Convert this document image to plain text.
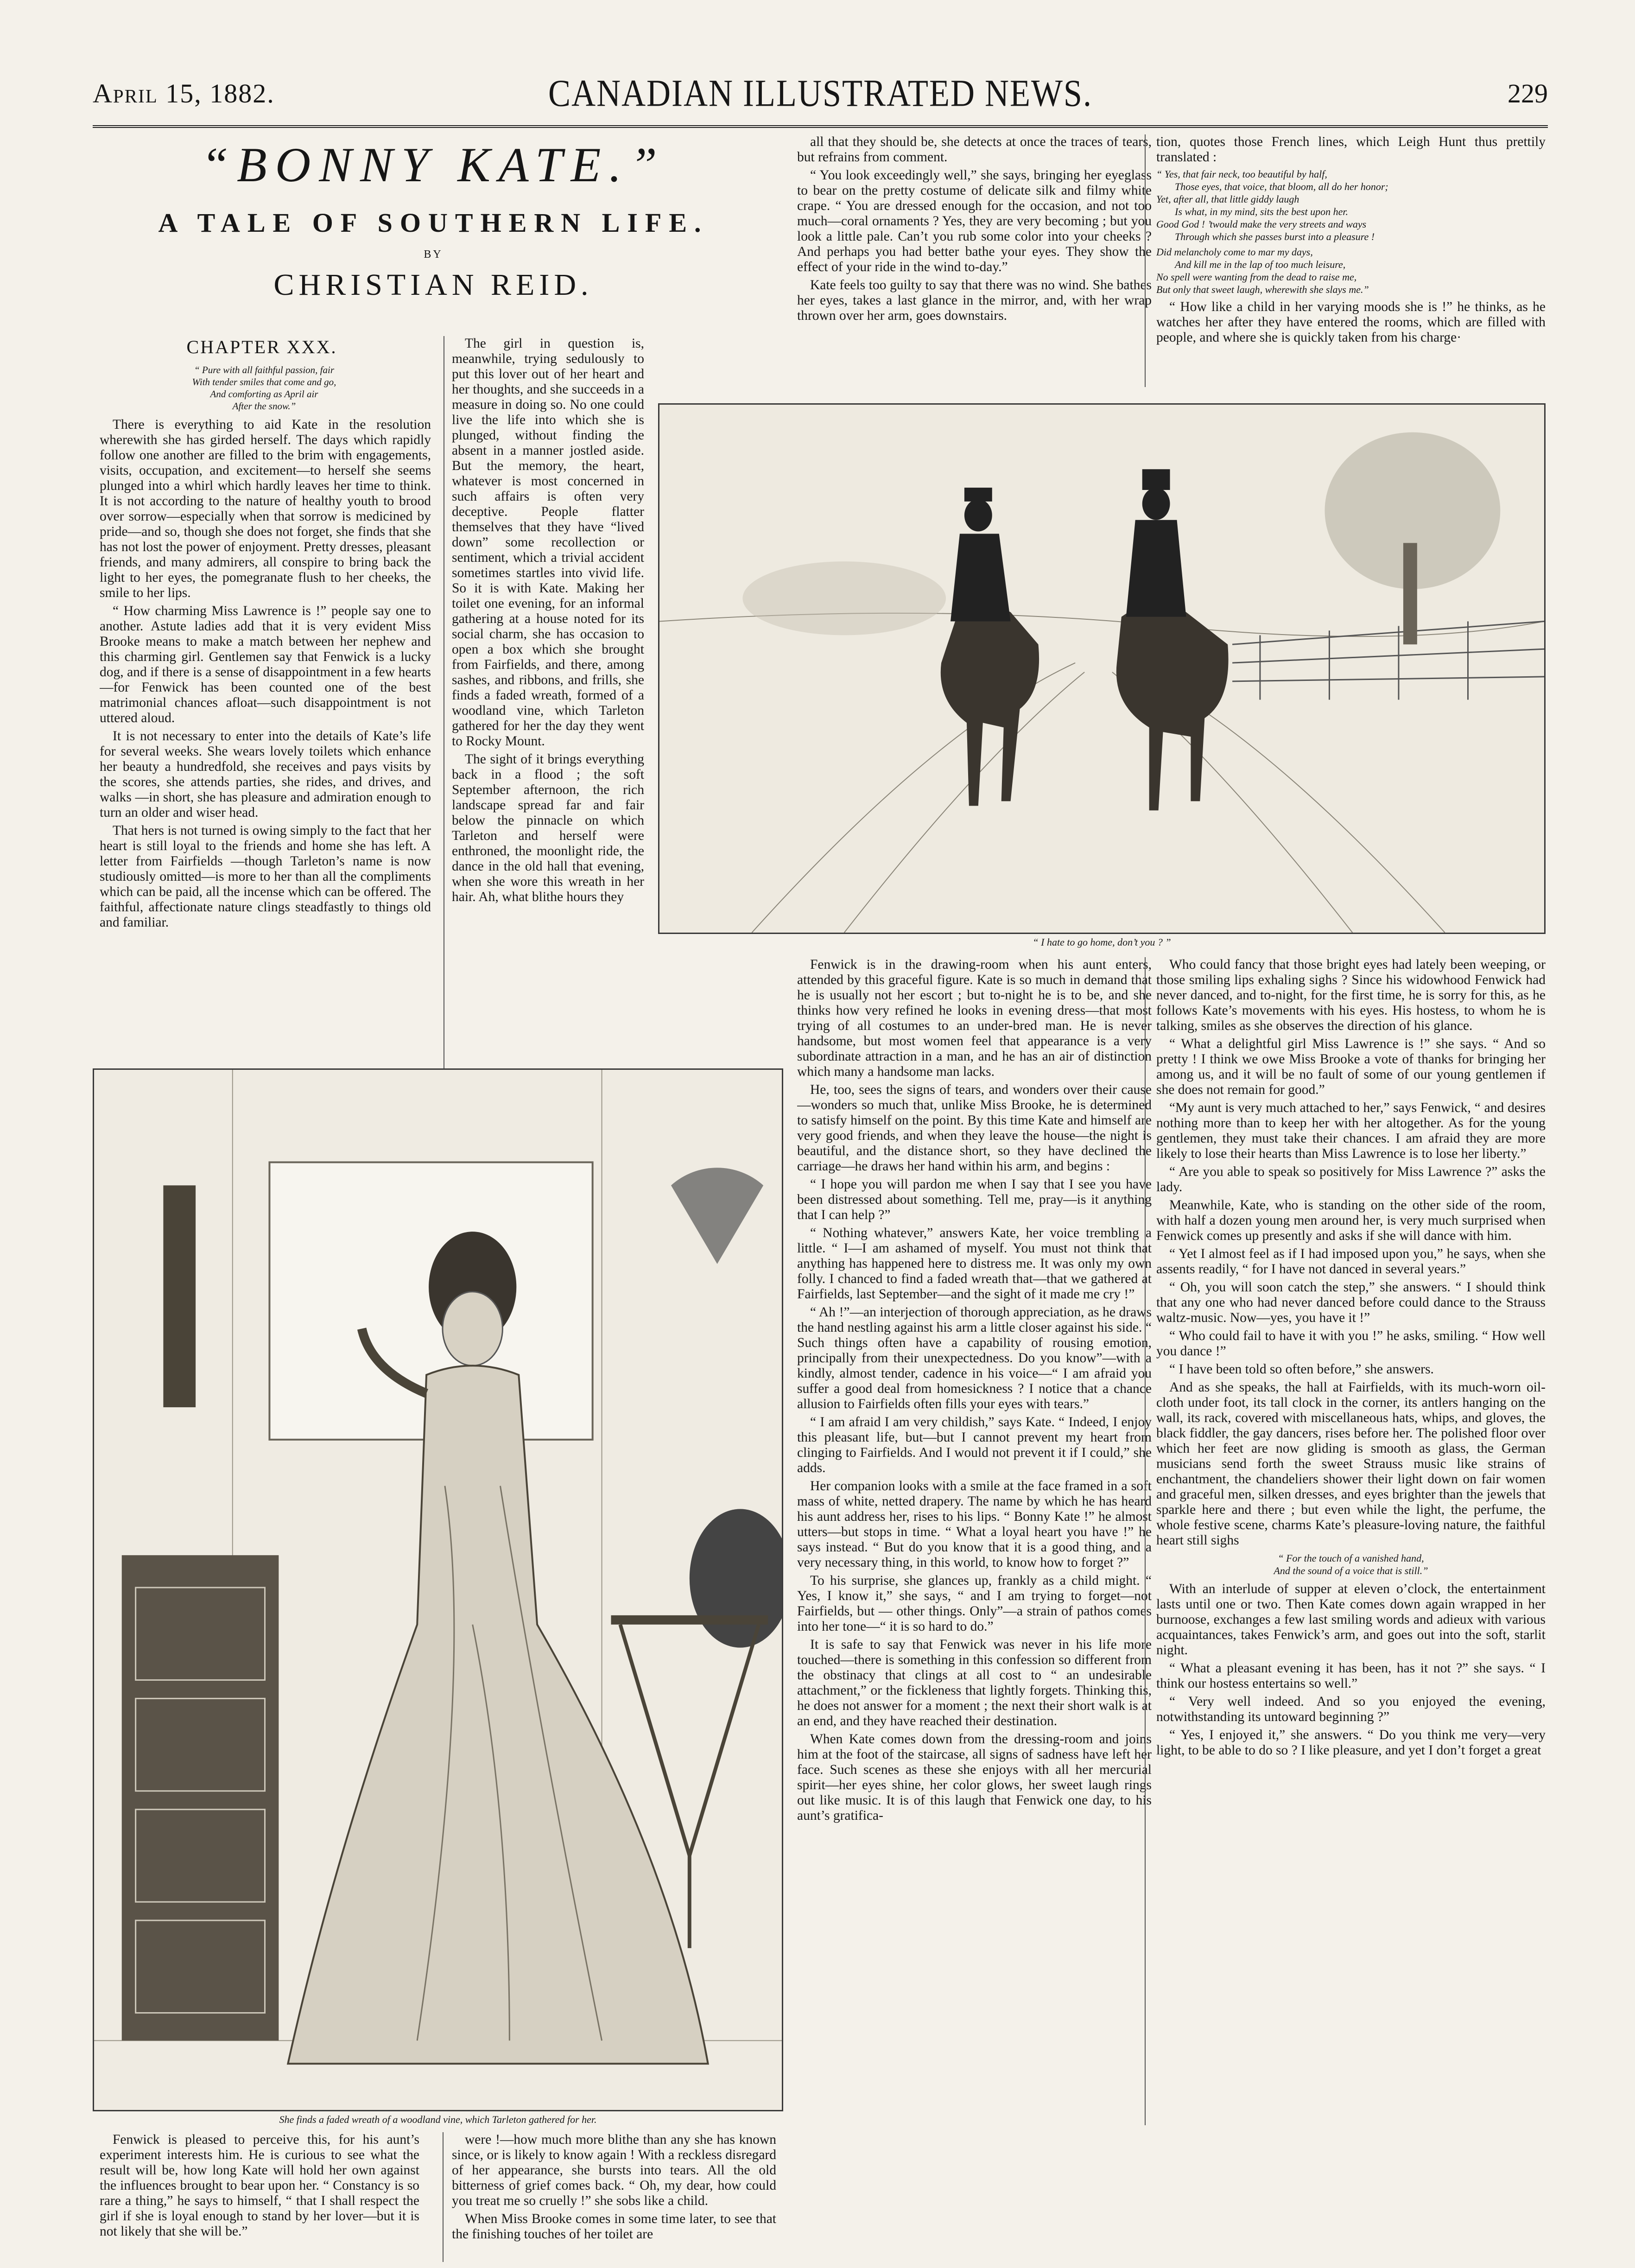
April 15, 1882.	CANADIAN ILLUSTRATED NEWS.	229
“BONNY KATE.”
A TALE OF SOUTHERN LIFE.
BY
CHRISTIAN REID.
CHAPTER XXX.
“ Pure with all faithful passion, fair
With tender smiles that come and go,
And comforting as April air
After the snow.”

There is everything to aid Kate in the resolution wherewith she has girded herself. The days which rapidly follow one another are filled to the brim with engagements, visits, occupation, and excitement—to herself she seems plunged into a whirl which hardly leaves her time to think. It is not according to the nature of healthy youth to brood over sorrow—especially when that sorrow is medicined by pride—and so, though she does not forget, she finds that she has not lost the power of enjoyment. Pretty dresses, pleasant friends, and many admirers, all conspire to bring back the light to her eyes, the pomegranate flush to her cheeks, the smile to her lips.

“ How charming Miss Lawrence is !” people say one to another. Astute ladies add that it is very evident Miss Brooke means to make a match between her nephew and this charming girl. Gentlemen say that Fenwick is a lucky dog, and if there is a sense of disappointment in a few hearts—for Fenwick has been counted one of the best matrimonial chances afloat—such disappointment is not uttered aloud.

It is not necessary to enter into the details of Kate’s life for several weeks. She wears lovely toilets which enhance her beauty a hundredfold, she receives and pays visits by the scores, she attends parties, she rides, and drives, and walks —in short, she has pleasure and admiration enough to turn an older and wiser head.

That hers is not turned is owing simply to the fact that her heart is still loyal to the friends and home she has left. A letter from Fairfields —though Tarleton’s name is now studiously omitted—is more to her than all the compliments which can be paid, all the incense which can be offered. The faithful, affectionate nature clings steadfastly to things old and familiar.

The girl in question is, meanwhile, trying sedulously to put this lover out of her heart and her thoughts, and she succeeds in a measure in doing so. No one could live the life into which she is plunged, without finding the absent in a manner jostled aside. But the memory, the heart, whatever is most concerned in such affairs is often very deceptive. People flatter themselves that they have “lived down” some recollection or sentiment, which a trivial accident sometimes startles into vivid life. So it is with Kate. Making her toilet one evening, for an informal gathering at a house noted for its social charm, she has occasion to open a box which she brought from Fairfields, and there, among sashes, and ribbons, and frills, she finds a faded wreath, formed of a woodland vine, which Tarleton gathered for her the day they went to Rocky Mount.

The sight of it brings everything back in a flood ; the soft September afternoon, the rich landscape spread far and fair below the pinnacle on which Tarleton and herself were enthroned, the moonlight ride, the dance in the old hall that evening, when she wore this wreath in her hair. Ah, what blithe hours they

all that they should be, she detects at once the traces of tears, but refrains from comment.

“ You look exceedingly well,” she says, bringing her eyeglass to bear on the pretty costume of delicate silk and filmy white crape. “ You are dressed enough for the occasion, and not too much—coral ornaments ? Yes, they are very becoming ; but you look a little pale. Can’t you rub some color into your cheeks ? And perhaps you had better bathe your eyes. They show the effect of your ride in the wind to-day.”

Kate feels too guilty to say that there was no wind. She bathes her eyes, takes a last glance in the mirror, and, with her wrap thrown over her arm, goes downstairs.

tion, quotes those French lines, which Leigh Hunt thus prettily translated :

“ Yes, that fair neck, too beautiful by half,
Those eyes, that voice, that bloom, all do her honor;
Yet, after all, that little giddy laugh
Is what, in my mind, sits the best upon her.
Good God ! ’twould make the very streets and ways
Through which she passes burst into a pleasure !
Did melancholy come to mar my days,
And kill me in the lap of too much leisure,
No spell were wanting from the dead to raise me,
But only that sweet laugh, wherewith she slays me.”

“ How like a child in her varying moods she is !” he thinks, as he watches her after they have entered the rooms, which are filled with people, and where she is quickly taken from his charge·

“ I hate to go home, don’t you ? ”

Fenwick is in the drawing-room when his aunt enters, attended by this graceful figure. Kate is so much in demand that he is usually not her escort ; but to-night he is to be, and she thinks how very refined he looks in evening dress—that most trying of all costumes to an under-bred man. He is never handsome, but most women feel that appearance is a very subordinate attraction in a man, and he has an air of distinction which many a handsome man lacks.

He, too, sees the signs of tears, and wonders over their cause—wonders so much that, unlike Miss Brooke, he is determined to satisfy himself on the point. By this time Kate and himself are very good friends, and when they leave the house—the night is beautiful, and the distance short, so they have declined the carriage—he draws her hand within his arm, and begins :

“ I hope you will pardon me when I say that I see you have been distressed about something. Tell me, pray—is it anything that I can help ?”

“ Nothing whatever,” answers Kate, her voice trembling a little. “ I—I am ashamed of myself. You must not think that anything has happened here to distress me. It was only my own folly. I chanced to find a faded wreath that—that we gathered at Fairfields, last September—and the sight of it made me cry !”

“ Ah !”—an interjection of thorough appreciation, as he draws the hand nestling against his arm a little closer against his side. “ Such things often have a capability of rousing emotion, principally from their unexpectedness. Do you know”—with a kindly, almost tender, cadence in his voice—“ I am afraid you suffer a good deal from homesickness ? I notice that a chance allusion to Fairfields often fills your eyes with tears.”

“ I am afraid I am very childish,” says Kate. “ Indeed, I enjoy this pleasant life, but—but I cannot prevent my heart from clinging to Fairfields. And I would not prevent it if I could,” she adds.

Her companion looks with a smile at the face framed in a soft mass of white, netted drapery. The name by which he has heard his aunt address her, rises to his lips. “ Bonny Kate !” he almost utters—but stops in time. “ What a loyal heart you have !” he says instead. “ But do you know that it is a good thing, and a very necessary thing, in this world, to know how to forget ?”

To his surprise, she glances up, frankly as a child might. “ Yes, I know it,” she says, “ and I am trying to forget—not Fairfields, but — other things. Only”—a strain of pathos comes into her tone—“ it is so hard to do.”

It is safe to say that Fenwick was never in his life more touched—there is something in this confession so different from the obstinacy that clings at all cost to “ an undesirable attachment,” or the fickleness that lightly forgets. Thinking this, he does not answer for a moment ; the next their short walk is at an end, and they have reached their destination.

When Kate comes down from the dressing-room and joins him at the foot of the staircase, all signs of sadness have left her face. Such scenes as these she enjoys with all her mercurial spirit—her eyes shine, her color glows, her sweet laugh rings out like music. It is of this laugh that Fenwick one day, to his aunt’s gratifica-

Who could fancy that those bright eyes had lately been weeping, or those smiling lips exhaling sighs ? Since his widowhood Fenwick had never danced, and to-night, for the first time, he is sorry for this, as he follows Kate’s movements with his eyes. His hostess, to whom he is talking, smiles as she observes the direction of his glance.

“ What a delightful girl Miss Lawrence is !” she says. “ And so pretty ! I think we owe Miss Brooke a vote of thanks for bringing her among us, and it will be no fault of some of our young gentlemen if she does not remain for good.”

“My aunt is very much attached to her,” says Fenwick, “ and desires nothing more than to keep her with her altogether. As for the young gentlemen, they must take their chances. I am afraid they are more likely to lose their hearts than Miss Lawrence is to lose her liberty.”

“ Are you able to speak so positively for Miss Lawrence ?” asks the lady.

Meanwhile, Kate, who is standing on the other side of the room, with half a dozen young men around her, is very much surprised when Fenwick comes up presently and asks if she will dance with him.

“ Yet I almost feel as if I had imposed upon you,” he says, when she assents readily, “ for I have not danced in several years.”

“ Oh, you will soon catch the step,” she answers. “ I should think that any one who had never danced before could dance to the Strauss waltz-music. Now—yes, you have it !”

“ Who could fail to have it with you !” he asks, smiling. “ How well you dance !”

“ I have been told so often before,” she answers.

And as she speaks, the hall at Fairfields, with its much-worn oil-cloth under foot, its tall clock in the corner, its antlers hanging on the wall, its rack, covered with miscellaneous hats, whips, and gloves, the black fiddler, the gay dancers, rises before her. The polished floor over which her feet are now gliding is smooth as glass, the German musicians send forth the sweet Strauss music like strains of enchantment, the chandeliers shower their light down on fair women and graceful men, silken dresses, and eyes brighter than the jewels that sparkle here and there ; but even while the light, the perfume, the whole festive scene, charms Kate’s pleasure-loving nature, the faithful heart still sighs

“ For the touch of a vanished hand,
And the sound of a voice that is still.”

With an interlude of supper at eleven o’clock, the entertainment lasts until one or two. Then Kate comes down again wrapped in her burnoose, exchanges a few last smiling words and adieux with various acquaintances, takes Fenwick’s arm, and goes out into the soft, starlit night.

“ What a pleasant evening it has been, has it not ?” she says. “ I think our hostess entertains so well.”

“ Very well indeed. And so you enjoyed the evening, notwithstanding its untoward beginning ?”

“ Yes, I enjoyed it,” she answers. “ Do you think me very—very light, to be able to do so ? I like pleasure, and yet I don’t forget a great

She finds a faded wreath of a woodland vine, which Tarleton gathered for her.

Fenwick is pleased to perceive this, for his aunt’s experiment interests him. He is curious to see what the result will be, how long Kate will hold her own against the influences brought to bear upon her. “ Constancy is so rare a thing,” he says to himself, “ that I shall respect the girl if she is loyal enough to stand by her lover—but it is not likely that she will be.”

were !—how much more blithe than any she has known since, or is likely to know again ! With a reckless disregard of her appearance, she bursts into tears. All the old bitterness of grief comes back. “ Oh, my dear, how could you treat me so cruelly !” she sobs like a child.

When Miss Brooke comes in some time later, to see that the finishing touches of her toilet are
